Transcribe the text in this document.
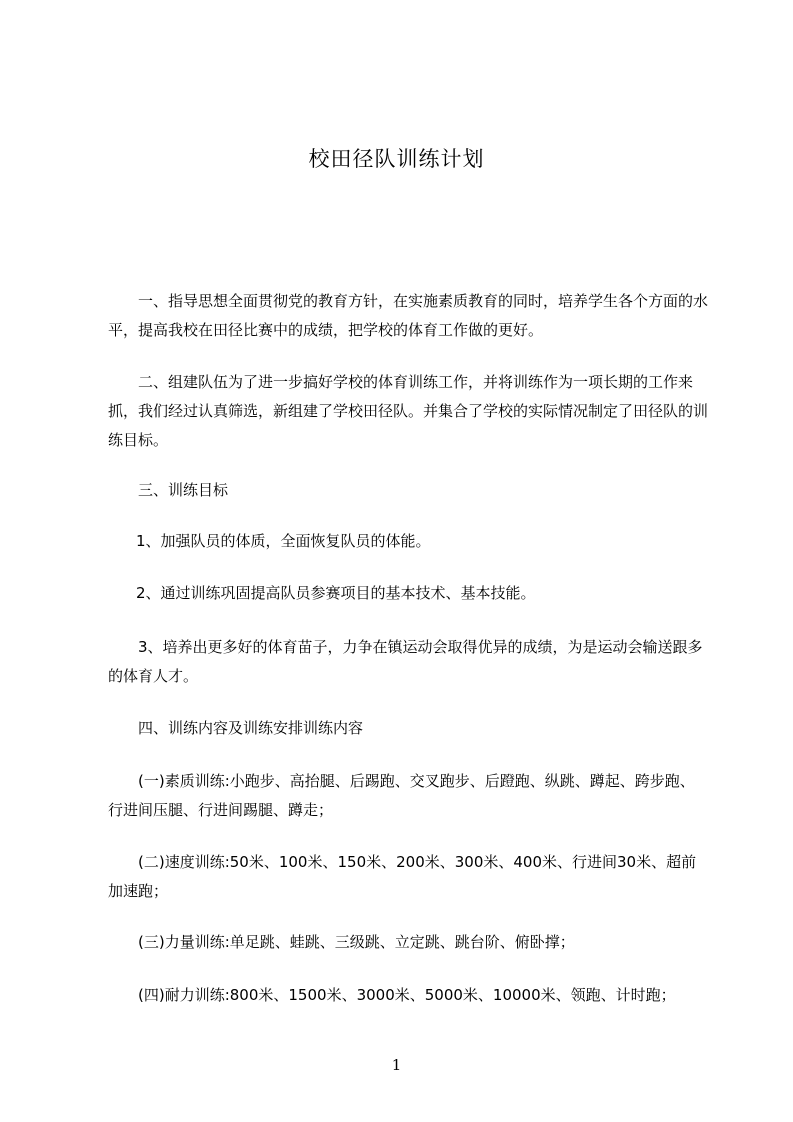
校田径队训练计划

一、指导思想全面贯彻党的教育方针，在实施素质教育的同时，培养学生各个方面的水平，提高我校在田径比赛中的成绩，把学校的体育工作做的更好。

二、组建队伍为了进一步搞好学校的体育训练工作，并将训练作为一项长期的工作来抓，我们经过认真筛选，新组建了学校田径队。并集合了学校的实际情况制定了田径队的训练目标。

三、训练目标

1、加强队员的体质，全面恢复队员的体能。

2、通过训练巩固提高队员参赛项目的基本技术、基本技能。

3、培养出更多好的体育苗子，力争在镇运动会取得优异的成绩，为是运动会输送跟多的体育人才。

四、训练内容及训练安排训练内容

(一)素质训练:小跑步、高抬腿、后踢跑、交叉跑步、后蹬跑、纵跳、蹲起、跨步跑、行进间压腿、行进间踢腿、蹲走；

(二)速度训练:50米、100米、150米、200米、300米、400米、行进间30米、超前加速跑；

(三)力量训练:单足跳、蛙跳、三级跳、立定跳、跳台阶、俯卧撑；

(四)耐力训练:800米、1500米、3000米、5000米、10000米、领跑、计时跑；

1
